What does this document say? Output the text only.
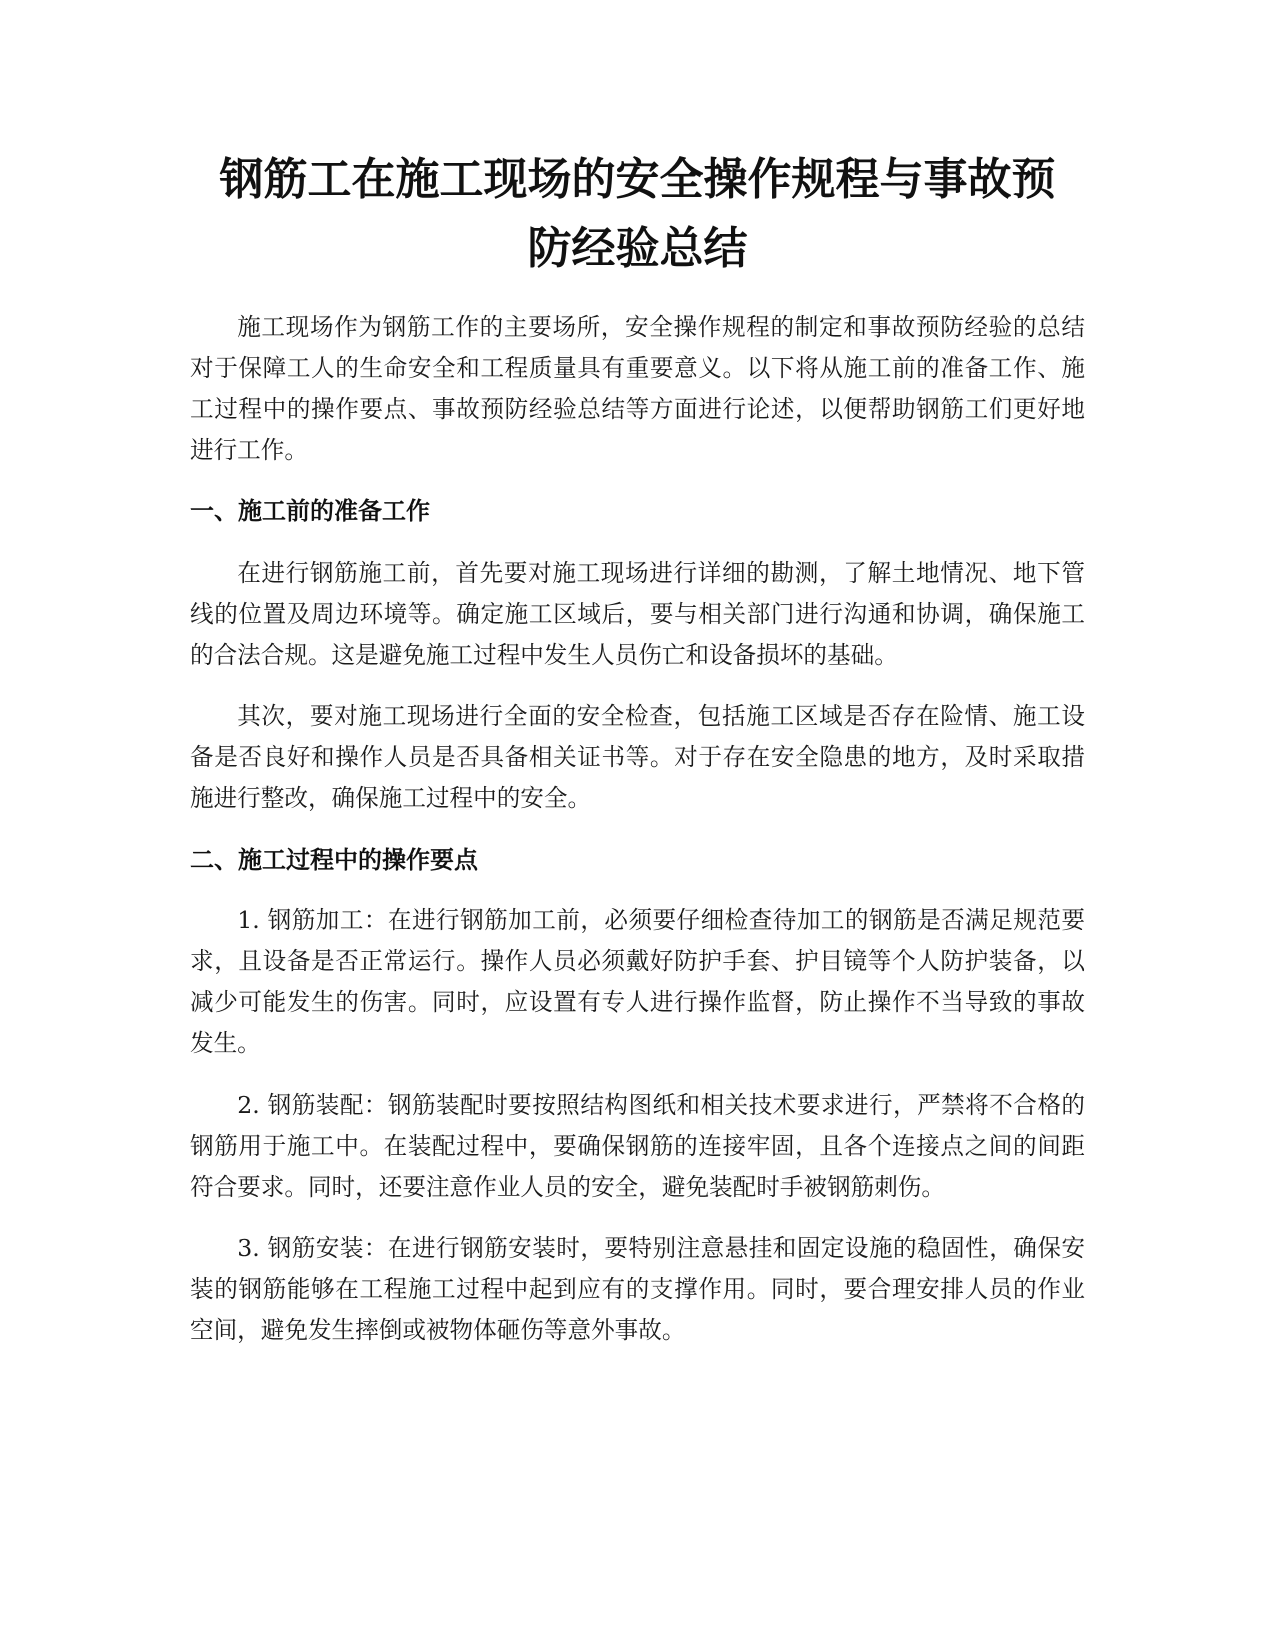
钢筋工在施工现场的安全操作规程与事故预
防经验总结

施工现场作为钢筋工作的主要场所，安全操作规程的制定和事故预防经验的总结对于保障工人的生命安全和工程质量具有重要意义。以下将从施工前的准备工作、施工过程中的操作要点、事故预防经验总结等方面进行论述，以便帮助钢筋工们更好地进行工作。

一、施工前的准备工作

在进行钢筋施工前，首先要对施工现场进行详细的勘测，了解土地情况、地下管线的位置及周边环境等。确定施工区域后，要与相关部门进行沟通和协调，确保施工的合法合规。这是避免施工过程中发生人员伤亡和设备损坏的基础。

其次，要对施工现场进行全面的安全检查，包括施工区域是否存在险情、施工设备是否良好和操作人员是否具备相关证书等。对于存在安全隐患的地方，及时采取措施进行整改，确保施工过程中的安全。

二、施工过程中的操作要点

1. 钢筋加工：在进行钢筋加工前，必须要仔细检查待加工的钢筋是否满足规范要求，且设备是否正常运行。操作人员必须戴好防护手套、护目镜等个人防护装备，以减少可能发生的伤害。同时，应设置有专人进行操作监督，防止操作不当导致的事故发生。

2. 钢筋装配：钢筋装配时要按照结构图纸和相关技术要求进行，严禁将不合格的钢筋用于施工中。在装配过程中，要确保钢筋的连接牢固，且各个连接点之间的间距符合要求。同时，还要注意作业人员的安全，避免装配时手被钢筋刺伤。

3. 钢筋安装：在进行钢筋安装时，要特别注意悬挂和固定设施的稳固性，确保安装的钢筋能够在工程施工过程中起到应有的支撑作用。同时，要合理安排人员的作业空间，避免发生摔倒或被物体砸伤等意外事故。
